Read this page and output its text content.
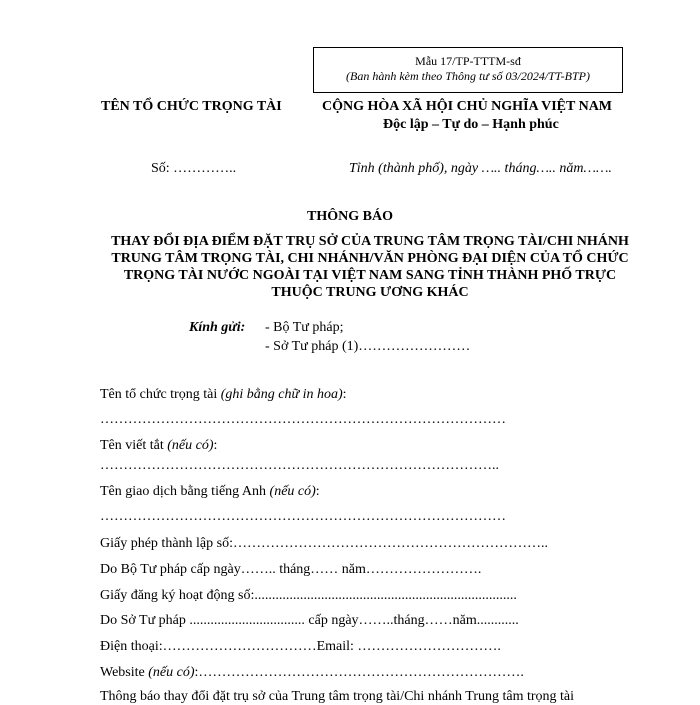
Mẫu 17/TP-TTTM-sđ
(Ban hành kèm theo Thông tư số 03/2024/TT-BTP)
TÊN TỔ CHỨC TRỌNG TÀI	CỘNG HÒA XÃ HỘI CHỦ NGHĨA VIỆT NAM
Độc lập – Tự do – Hạnh phúc
Số: …………..	Tỉnh (thành phố), ngày ….. tháng….. năm…….
THÔNG BÁO
THAY ĐỔI ĐỊA ĐIỂM ĐẶT TRỤ SỞ CỦA TRUNG TÂM TRỌNG TÀI/CHI NHÁNH TRUNG TÂM TRỌNG TÀI, CHI NHÁNH/VĂN PHÒNG ĐẠI DIỆN CỦA TỔ CHỨC TRỌNG TÀI NƯỚC NGOÀI TẠI VIỆT NAM SANG TỈNH THÀNH PHỐ TRỰC THUỘC TRUNG ƯƠNG KHÁC
Kính gửi: - Bộ Tư pháp;
- Sở Tư pháp (1)……………………
Tên tổ chức trọng tài (ghi bằng chữ in hoa):
……………………………………………………………………………
Tên viết tắt (nếu có):
…………………………………………………………………………..
Tên giao dịch bằng tiếng Anh (nếu có):
……………………………………………………………………………
Giấy phép thành lập số:…………………………………………………………..
Do Bộ Tư pháp cấp ngày…….. tháng…… năm…………………….
Giấy đăng ký hoạt động số:...........................................................................
Do Sở Tư pháp ................................. cấp ngày……..tháng……năm............
Điện thoại:……………………………Email: ………………………….
Website (nếu có):…………………………………………………………….
Thông báo thay đổi đặt trụ sở của Trung tâm trọng tài/Chi nhánh Trung tâm trọng tài
